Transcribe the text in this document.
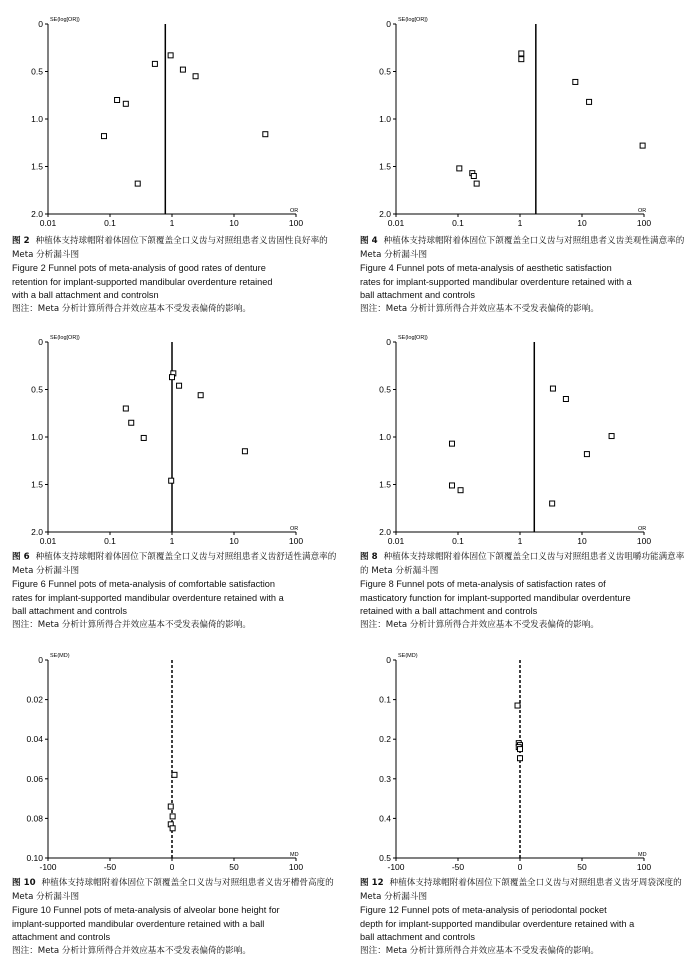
0
0.5
1.0
1.5
2.0
0.01	0.1	1	10	100
SE(log[OR])
OR
图 2 种植体支持球帽附着体固位下颌覆盖全口义齿与对照组患者义齿固性良好率的 Meta 分析漏斗图
Figure 2 Funnel pots of meta-analysis of good rates of denture
retention for implant-supported mandibular overdenture retained
with a ball attachment and controlsn
图注：Meta 分析计算所得合并效应基本不受发表偏倚的影响。
0
0.5
1.0
1.5
2.0
0.01	0.1	1	10	100
SE(log[OR])
OR
图 4 种植体支持球帽附着体固位下颌覆盖全口义齿与对照组患者义齿美观性满意率的 Meta 分析漏斗图
Figure 4 Funnel pots of meta-analysis of aesthetic satisfaction
rates for implant-supported mandibular overdenture retained with a
ball attachment and controls
图注：Meta 分析计算所得合并效应基本不受发表偏倚的影响。
0
0.5
1.0
1.5
2.0
0.01	0.1	1	10	100
SE(log[OR])
OR
图 6 种植体支持球帽附着体固位下颌覆盖全口义齿与对照组患者义齿舒适性满意率的 Meta 分析漏斗图
Figure 6 Funnel pots of meta-analysis of comfortable satisfaction
rates for implant-supported mandibular overdenture retained with a
ball attachment and controls
图注：Meta 分析计算所得合并效应基本不受发表偏倚的影响。
0
0.5
1.0
1.5
2.0
0.01	0.1	1	10	100
SE(log[OR])
OR
图 8 种植体支持球帽附着体固位下颌覆盖全口义齿与对照组患者义齿咀嚼功能满意率的 Meta 分析漏斗图
Figure 8 Funnel pots of meta-analysis of satisfaction rates of
masticatory function for implant-supported mandibular overdenture
retained with a ball attachment and controls
图注：Meta 分析计算所得合并效应基本不受发表偏倚的影响。
0
0.02
0.04
0.06
0.08
0.10
-100	-50	0	50	100
SE(MD)
MD
图 10 种植体支持球帽附着体固位下颌覆盖全口义齿与对照组患者义齿牙槽骨高度的 Meta 分析漏斗图
Figure 10 Funnel pots of meta-analysis of alveolar bone height for
implant-supported mandibular overdenture retained with a ball
attachment and controls
图注：Meta 分析计算所得合并效应基本不受发表偏倚的影响。
0
0.1
0.2
0.3
0.4
0.5
-100	-50	0	50	100
SE(MD)
MD
图 12 种植体支持球帽附着体固位下颌覆盖全口义齿与对照组患者义齿牙周袋深度的 Meta 分析漏斗图
Figure 12 Funnel pots of meta-analysis of periodontal pocket
depth for implant-supported mandibular overdenture retained with a
ball attachment and controls
图注：Meta 分析计算所得合并效应基本不受发表偏倚的影响。
